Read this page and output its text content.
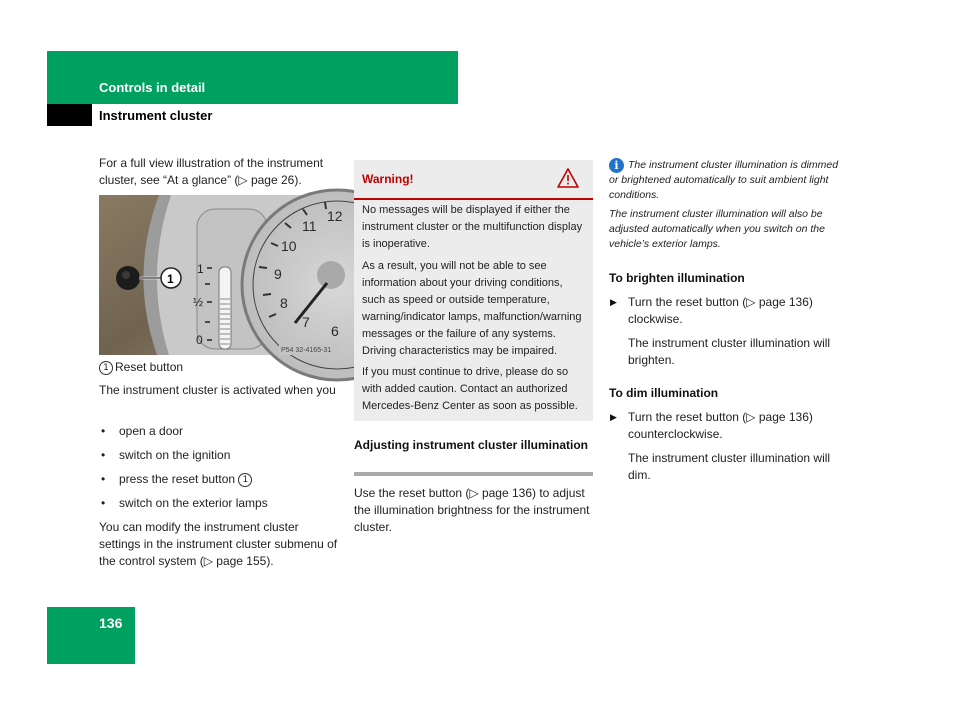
Controls in detail
Instrument cluster
For a full view illustration of the instrument cluster, see “At a glance” (▷ page 26).
12
11
10
9
8
7
6
1
½
0
1
P54 32-4165-31
1 Reset button
The instrument cluster is activated when you
• open a door
• switch on the ignition
• press the reset button 1
• switch on the exterior lamps
You can modify the instrument cluster settings in the instrument cluster submenu of the control system (▷ page 155).
Warning!
No messages will be displayed if either the instrument cluster or the multifunction display is inoperative.
As a result, you will not be able to see information about your driving conditions, such as speed or outside temperature, warning/indicator lamps, malfunction/warning messages or the failure of any systems. Driving characteristics may be impaired.
If you must continue to drive, please do so with added caution. Contact an authorized Mercedes-Benz Center as soon as possible.
Adjusting instrument cluster illumination
Use the reset button (▷ page 136) to adjust the illumination brightness for the instrument cluster.
i The instrument cluster illumination is dimmed or brightened automatically to suit ambient light conditions.
The instrument cluster illumination will also be adjusted automatically when you switch on the vehicle’s exterior lamps.
To brighten illumination
▶ Turn the reset button (▷ page 136) clockwise.
The instrument cluster illumination will brighten.
To dim illumination
▶ Turn the reset button (▷ page 136) counterclockwise.
The instrument cluster illumination will dim.
136
